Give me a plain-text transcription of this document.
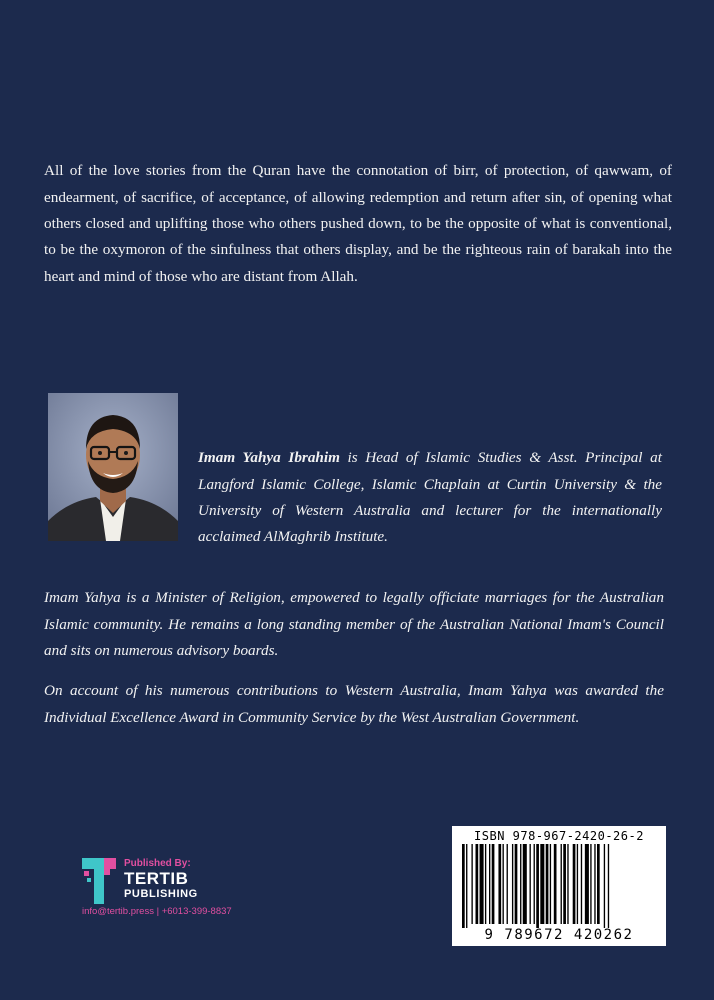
All of the love stories from the Quran have the connotation of birr, of protection, of qawwam, of endearment, of sacrifice, of acceptance, of allowing redemption and return after sin, of opening what others closed and uplifting those who others pushed down, to be the opposite of what is conventional, to be the oxymoron of the sinfulness that others display, and be the righteous rain of barakah into the heart and mind of those who are distant from Allah.

Imam Yahya Ibrahim is Head of Islamic Studies & Asst. Principal at Langford Islamic College, Islamic Chaplain at Curtin University & the University of Western Australia and lecturer for the internationally acclaimed AlMaghrib Institute.

Imam Yahya is a Minister of Religion, empowered to legally officiate marriages for the Australian Islamic community. He remains a long standing member of the Australian National Imam's Council and sits on numerous advisory boards.

On account of his numerous contributions to Western Australia, Imam Yahya was awarded the Individual Excellence Award in Community Service by the West Australian Government.

Published By:
TERTIB
PUBLISHING
info@tertib.press | +6013-399-8837
ISBN 978-967-2420-26-2
9 789672 420262
